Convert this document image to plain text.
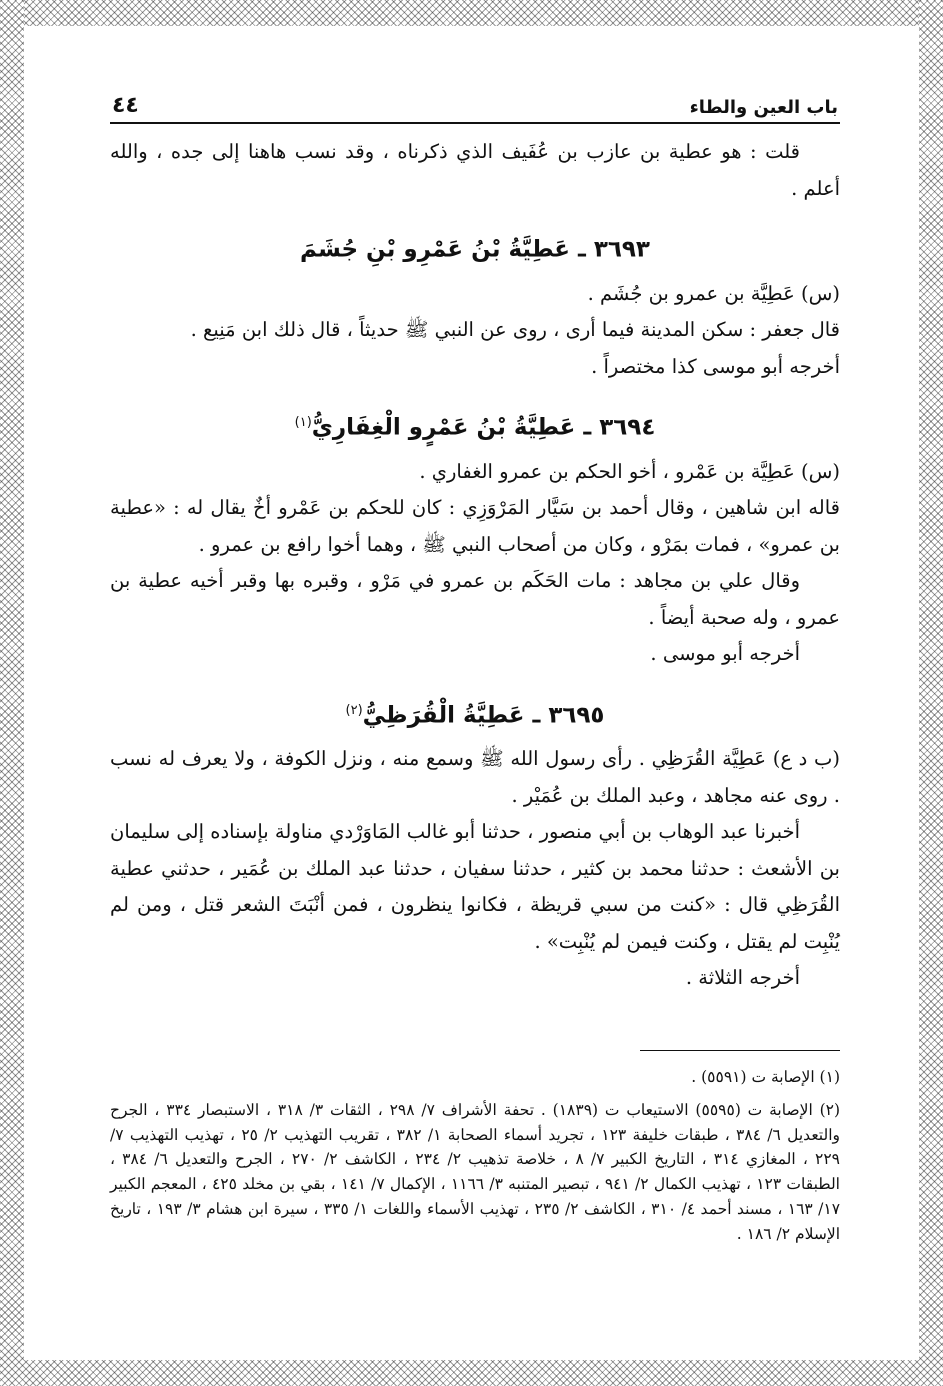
باب العين والطاء
٤٤

قلت : هو عطية بن عازب بن عُفَيف الذي ذكرناه ، وقد نسب هاهنا إلى جده ، والله أعلم .

٣٦٩٣ ـ عَطِيَّةُ بْنُ عَمْرِو بْنِ جُشَمَ

(س) عَطِيَّة بن عمرو بن جُشَم .

قال جعفر : سكن المدينة فيما أرى ، روى عن النبي ﷺ حديثاً ، قال ذلك ابن مَنِيع .

أخرجه أبو موسى كذا مختصراً .

٣٦٩٤ ـ عَطِيَّةُ بْنُ عَمْرٍو الْغِفَارِيُّ$^{(١)}$

(س) عَطِيَّة بن عَمْرو ، أخو الحكم بن عمرو الغفاري .

قاله ابن شاهين ، وقال أحمد بن سَيَّار المَرْوَزِي : كان للحكم بن عَمْرو أخٌ يقال له : «عطية بن عمرو» ، فمات بمَرْو ، وكان من أصحاب النبي ﷺ ، وهما أخوا رافع بن عمرو .

وقال علي بن مجاهد : مات الحَكَم بن عمرو في مَرْو ، وقبره بها وقبر أخيه عطية بن عمرو ، وله صحبة أيضاً .

أخرجه أبو موسى .

٣٦٩٥ ـ عَطِيَّةُ الْقُرَظِيُّ$^{(٢)}$

(ب د ع) عَطِيَّة القُرَظِي . رأى رسول الله ﷺ وسمع منه ، ونزل الكوفة ، ولا يعرف له نسب . روى عنه مجاهد ، وعبد الملك بن عُمَيْر .

أخبرنا عبد الوهاب بن أبي منصور ، حدثنا أبو غالب المَاوَرْدي مناولة بإسناده إلى سليمان بن الأشعث : حدثنا محمد بن كثير ، حدثنا سفيان ، حدثنا عبد الملك بن عُمَير ، حدثني عطية القُرَظِي قال : «كنت من سبي قريظة ، فكانوا ينظرون ، فمن أنْبَتَ الشعر قتل ، ومن لم يُنْبِت لم يقتل ، وكنت فيمن لم يُنْبِت» .

أخرجه الثلاثة .

(١) الإصابة ت (٥٥٩١) .

(٢) الإصابة ت (٥٥٩٥) الاستيعاب ت (١٨٣٩) . تحفة الأشراف ٧/ ٢٩٨ ، الثقات ٣/ ٣١٨ ، الاستبصار ٣٣٤ ، الجرح والتعديل ٦/ ٣٨٤ ، طبقات خليفة ١٢٣ ، تجريد أسماء الصحابة ١/ ٣٨٢ ، تقريب التهذيب ٢/ ٢٥ ، تهذيب التهذيب ٧/ ٢٢٩ ، المغازي ٣١٤ ، التاريخ الكبير ٧/ ٨ ، خلاصة تذهيب ٢/ ٢٣٤ ، الكاشف ٢/ ٢٧٠ ، الجرح والتعديل ٦/ ٣٨٤ ، الطبقات ١٢٣ ، تهذيب الكمال ٢/ ٩٤١ ، تبصير المتنبه ٣/ ١١٦٦ ، الإكمال ٧/ ١٤١ ، بقي بن مخلد ٤٢٥ ، المعجم الكبير ١٧/ ١٦٣ ، مسند أحمد ٤/ ٣١٠ ، الكاشف ٢/ ٢٣٥ ، تهذيب الأسماء واللغات ١/ ٣٣٥ ، سيرة ابن هشام ٣/ ١٩٣ ، تاريخ الإسلام ٢/ ١٨٦ .
